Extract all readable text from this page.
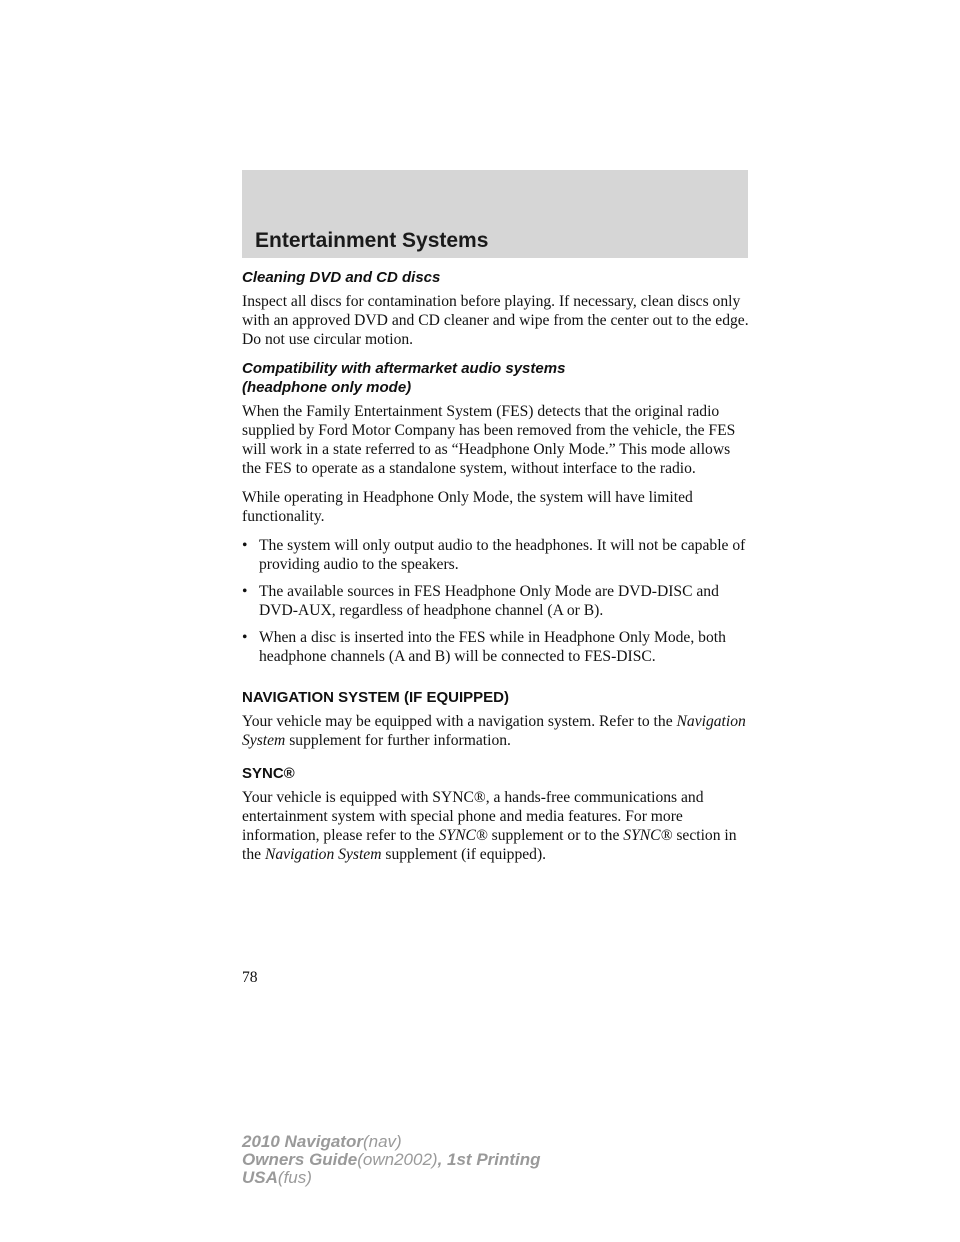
Entertainment Systems
Cleaning DVD and CD discs

Inspect all discs for contamination before playing. If necessary, clean discs only with an approved DVD and CD cleaner and wipe from the center out to the edge. Do not use circular motion.

Compatibility with aftermarket audio systems
(headphone only mode)

When the Family Entertainment System (FES) detects that the original radio supplied by Ford Motor Company has been removed from the vehicle, the FES will work in a state referred to as “Headphone Only Mode.” This mode allows the FES to operate as a standalone system, without interface to the radio.

While operating in Headphone Only Mode, the system will have limited functionality.

• The system will only output audio to the headphones. It will not be capable of providing audio to the speakers.
• The available sources in FES Headphone Only Mode are DVD-DISC and DVD-AUX, regardless of headphone channel (A or B).
• When a disc is inserted into the FES while in Headphone Only Mode, both headphone channels (A and B) will be connected to FES-DISC.
NAVIGATION SYSTEM (IF EQUIPPED)

Your vehicle may be equipped with a navigation system. Refer to the Navigation System supplement for further information.

SYNC®

Your vehicle is equipped with SYNC®, a hands-free communications and entertainment system with special phone and media features. For more information, please refer to the SYNC® supplement or to the SYNC® section in the Navigation System supplement (if equipped).

78
2010 Navigator(nav)
Owners Guide(own2002), 1st Printing
USA(fus)
